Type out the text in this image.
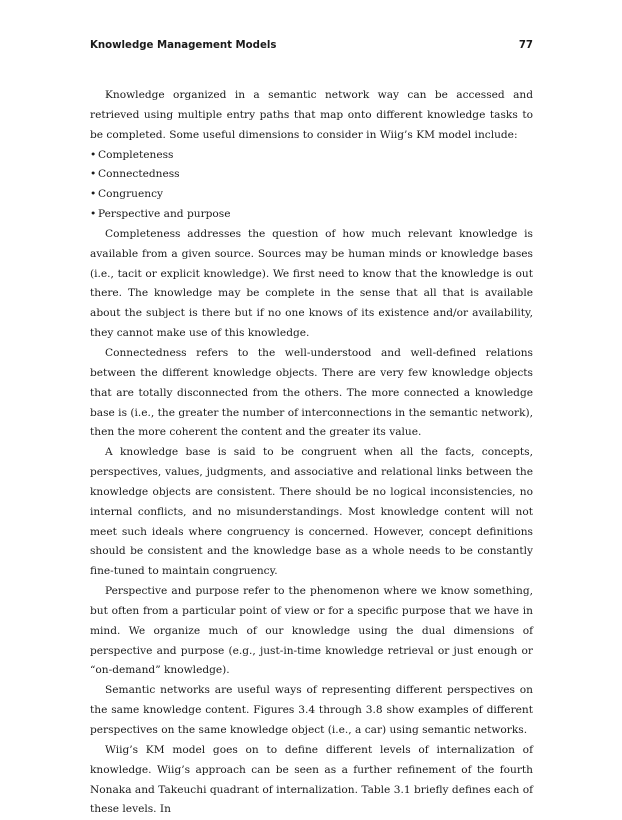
Knowledge Management Models	77

Knowledge organized in a semantic network way can be accessed and retrieved using multiple entry paths that map onto different knowledge tasks to be completed. Some useful dimensions to consider in Wiig’s KM model include:

• Completeness
• Connectedness
• Congruency
• Perspective and purpose

Completeness addresses the question of how much relevant knowledge is available from a given source. Sources may be human minds or knowledge bases (i.e., tacit or explicit knowledge). We first need to know that the knowledge is out there. The knowledge may be complete in the sense that all that is available about the subject is there but if no one knows of its existence and/or availability, they cannot make use of this knowledge.

Connectedness refers to the well-understood and well-defined relations between the different knowledge objects. There are very few knowledge objects that are totally disconnected from the others. The more connected a knowledge base is (i.e., the greater the number of interconnections in the semantic network), then the more coherent the content and the greater its value.

A knowledge base is said to be congruent when all the facts, concepts, perspectives, values, judgments, and associative and relational links between the knowledge objects are consistent. There should be no logical inconsistencies, no internal conflicts, and no misunderstandings. Most knowledge content will not meet such ideals where congruency is concerned. However, concept definitions should be consistent and the knowledge base as a whole needs to be constantly fine-tuned to maintain congruency.

Perspective and purpose refer to the phenomenon where we know something, but often from a particular point of view or for a specific purpose that we have in mind. We organize much of our knowledge using the dual dimensions of perspective and purpose (e.g., just-in-time knowledge retrieval or just enough or “on-demand” knowledge).

Semantic networks are useful ways of representing different perspectives on the same knowledge content. Figures 3.4 through 3.8 show examples of different perspectives on the same knowledge object (i.e., a car) using semantic networks.

Wiig’s KM model goes on to define different levels of internalization of knowledge. Wiig’s approach can be seen as a further refinement of the fourth Nonaka and Takeuchi quadrant of internalization. Table 3.1 briefly defines each of these levels. In
